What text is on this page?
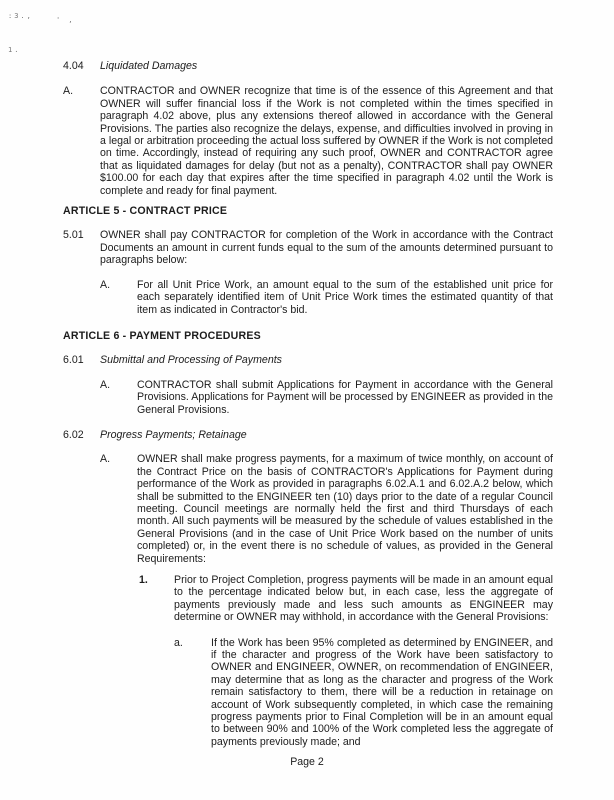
:3.,	' ,
1.
4.04	Liquidated Damages
A.	CONTRACTOR and OWNER recognize that time is of the essence of this Agreement and that OWNER will suffer financial loss if the Work is not completed within the times specified in paragraph 4.02 above, plus any extensions thereof allowed in accordance with the General Provisions. The parties also recognize the delays, expense, and difficulties involved in proving in a legal or arbitration proceeding the actual loss suffered by OWNER if the Work is not completed on time. Accordingly, instead of requiring any such proof, OWNER and CONTRACTOR agree that as liquidated damages for delay (but not as a penalty), CONTRACTOR shall pay OWNER $100.00 for each day that expires after the time specified in paragraph 4.02 until the Work is complete and ready for final payment.
ARTICLE 5 - CONTRACT PRICE
5.01	OWNER shall pay CONTRACTOR for completion of the Work in accordance with the Contract Documents an amount in current funds equal to the sum of the amounts determined pursuant to paragraphs below:
A.	For all Unit Price Work, an amount equal to the sum of the established unit price for each separately identified item of Unit Price Work times the estimated quantity of that item as indicated in Contractor's bid.
ARTICLE 6 - PAYMENT PROCEDURES
6.01	Submittal and Processing of Payments
A.	CONTRACTOR shall submit Applications for Payment in accordance with the General Provisions. Applications for Payment will be processed by ENGINEER as provided in the General Provisions.
6.02	Progress Payments; Retainage
A.	OWNER shall make progress payments, for a maximum of twice monthly, on account of the Contract Price on the basis of CONTRACTOR's Applications for Payment during performance of the Work as provided in paragraphs 6.02.A.1 and 6.02.A.2 below, which shall be submitted to the ENGINEER ten (10) days prior to the date of a regular Council meeting. Council meetings are normally held the first and third Thursdays of each month. All such payments will be measured by the schedule of values established in the General Provisions (and in the case of Unit Price Work based on the number of units completed) or, in the event there is no schedule of values, as provided in the General Requirements:
1.	Prior to Project Completion, progress payments will be made in an amount equal to the percentage indicated below but, in each case, less the aggregate of payments previously made and less such amounts as ENGINEER may determine or OWNER may withhold, in accordance with the General Provisions:
a.	If the Work has been 95% completed as determined by ENGINEER, and if the character and progress of the Work have been satisfactory to OWNER and ENGINEER, OWNER, on recommendation of ENGINEER, may determine that as long as the character and progress of the Work remain satisfactory to them, there will be a reduction in retainage on account of Work subsequently completed, in which case the remaining progress payments prior to Final Completion will be in an amount equal to between 90% and 100% of the Work completed less the aggregate of payments previously made; and
Page 2
